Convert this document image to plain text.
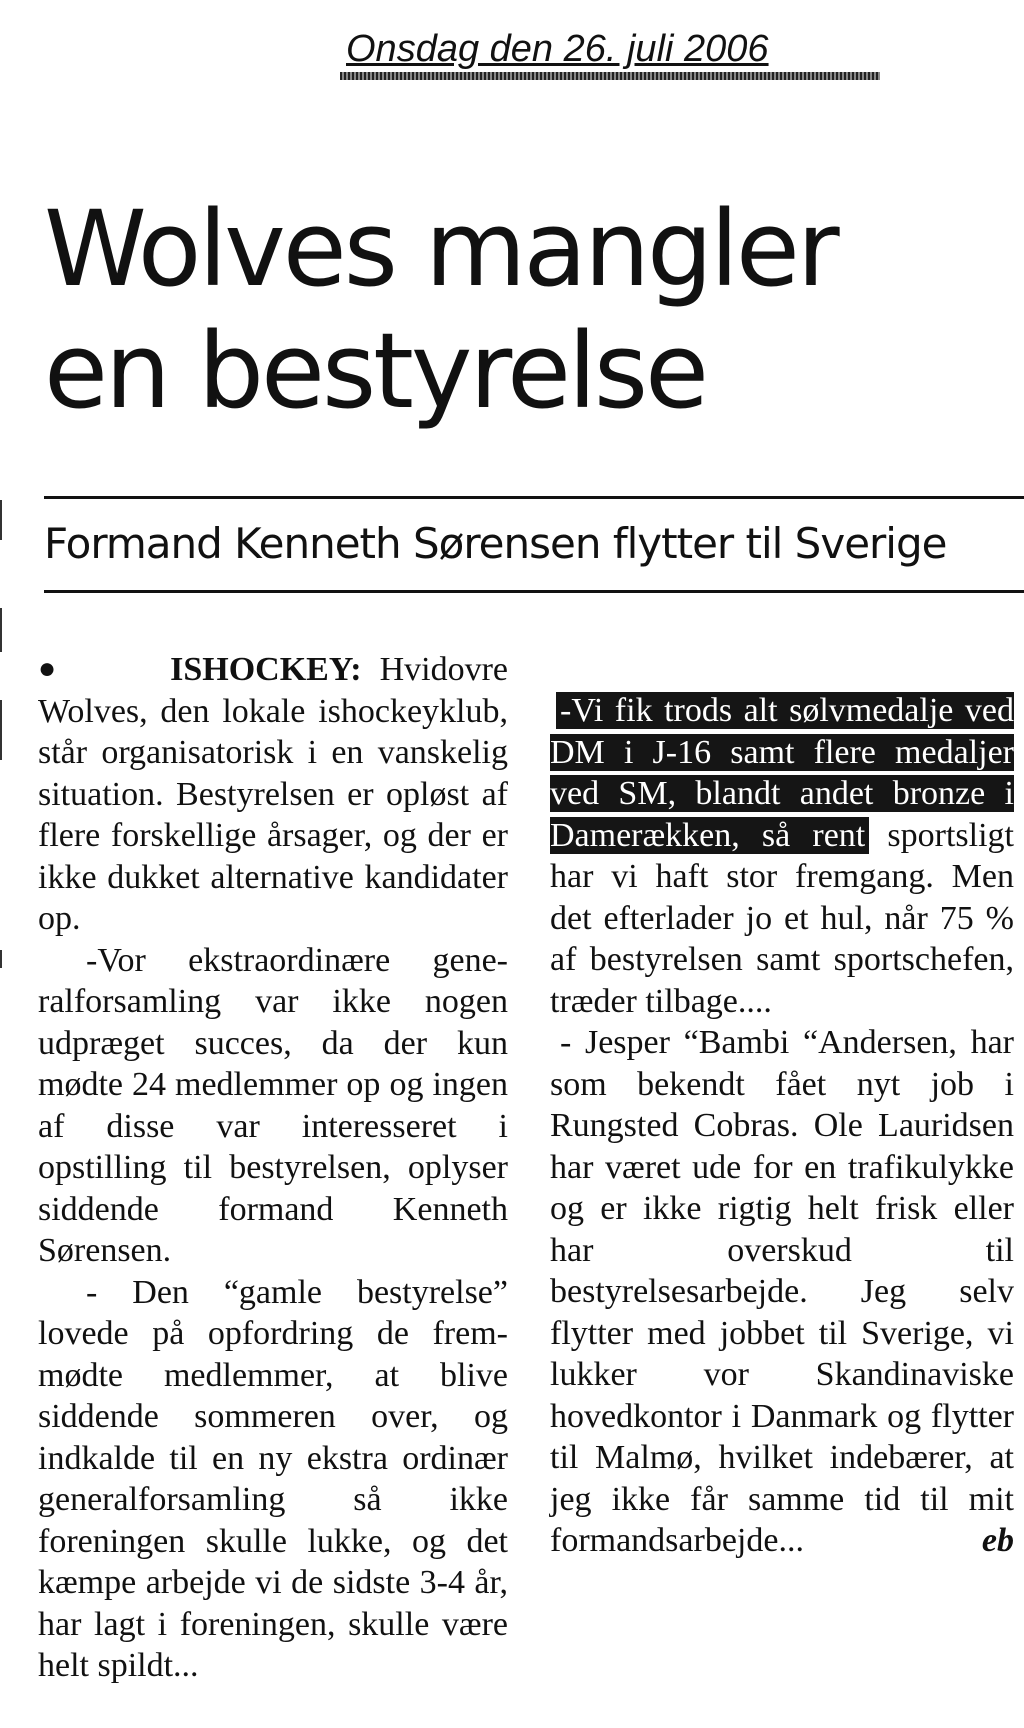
Onsdag den 26. juli 2006
Wolves mangler
en bestyrelse
Formand Kenneth Sørensen flytter til Sverige

● ISHOCKEY: Hvidovre Wolves, den lokale ishockeyklub, står organisatorisk i en vanskelig situation. Bestyrelsen er opløst af flere forskellige årsager, og der er ikke dukket alternative kandidater op.

-Vor ekstraordinære generalforsamling var ikke nogen udpræget succes, da der kun mødte 24 medlemmer op og ingen af disse var interesseret i opstilling til bestyrelsen, oplyser siddende formand Kenneth Sørensen.

- Den “gamle bestyrelse” lovede på opfordring de fremmødte medlemmer, at blive siddende sommeren over, og indkalde til en ny ekstra ordinær generalforsamling så ikke foreningen skulle lukke, og det kæmpe arbejde vi de sidste 3-4 år, har lagt i foreningen, skulle være helt spildt...

-Vi fik trods alt sølvmedalje ved DM i J-16 samt flere medaljer ved SM, blandt andet bronze i Damerækken, så rent sportsligt har vi haft stor fremgang. Men det efterlader jo et hul, når 75 % af bestyrelsen samt sportschefen, træder tilbage....

- Jesper “Bambi “Andersen, har som bekendt fået nyt job i Rungsted Cobras. Ole Lauridsen har været ude for en trafikulykke og er ikke rigtig helt frisk eller har overskud til bestyrelsesarbejde. Jeg selv flytter med jobbet til Sverige, vi lukker vor Skandinaviske hovedkontor i Danmark og flytter til Malmø, hvilket indebærer, at jeg ikke får samme tid til mit formandsarbejde...	eb
